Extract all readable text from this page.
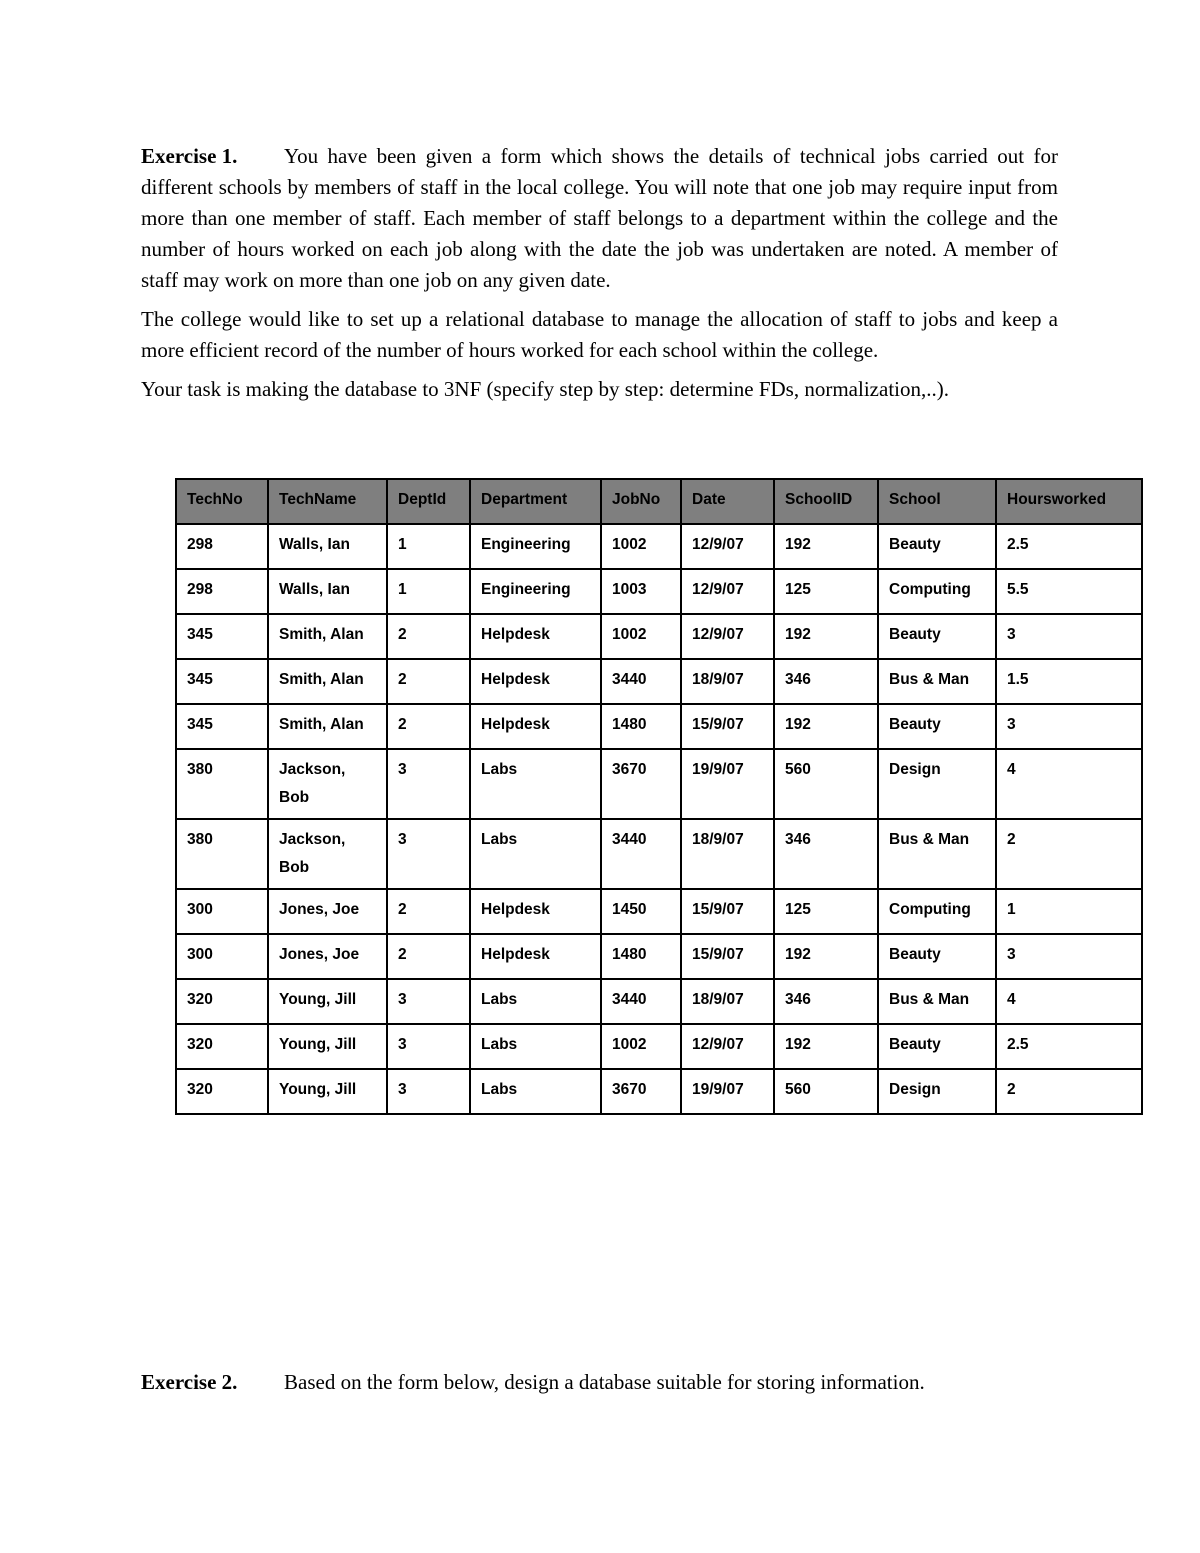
Exercise 1. You have been given a form which shows the details of technical jobs carried out for different schools by members of staff in the local college. You will note that one job may require input from more than one member of staff. Each member of staff belongs to a department within the college and the number of hours worked on each job along with the date the job was undertaken are noted. A member of staff may work on more than one job on any given date.

The college would like to set up a relational database to manage the allocation of staff to jobs and keep a more efficient record of the number of hours worked for each school within the college.

Your task is making the database to 3NF (specify step by step: determine FDs, normalization,..).

TechNo	TechName	DeptId	Department	JobNo	Date	SchoolID	School	Hoursworked
298	Walls, Ian	1	Engineering	1002	12/9/07	192	Beauty	2.5
298	Walls, Ian	1	Engineering	1003	12/9/07	125	Computing	5.5
345	Smith, Alan	2	Helpdesk	1002	12/9/07	192	Beauty	3
345	Smith, Alan	2	Helpdesk	3440	18/9/07	346	Bus & Man	1.5
345	Smith, Alan	2	Helpdesk	1480	15/9/07	192	Beauty	3
380	Jackson, Bob	3	Labs	3670	19/9/07	560	Design	4
380	Jackson, Bob	3	Labs	3440	18/9/07	346	Bus & Man	2
300	Jones, Joe	2	Helpdesk	1450	15/9/07	125	Computing	1
300	Jones, Joe	2	Helpdesk	1480	15/9/07	192	Beauty	3
320	Young, Jill	3	Labs	3440	18/9/07	346	Bus & Man	4
320	Young, Jill	3	Labs	1002	12/9/07	192	Beauty	2.5
320	Young, Jill	3	Labs	3670	19/9/07	560	Design	2
Exercise 2. Based on the form below, design a database suitable for storing information.
